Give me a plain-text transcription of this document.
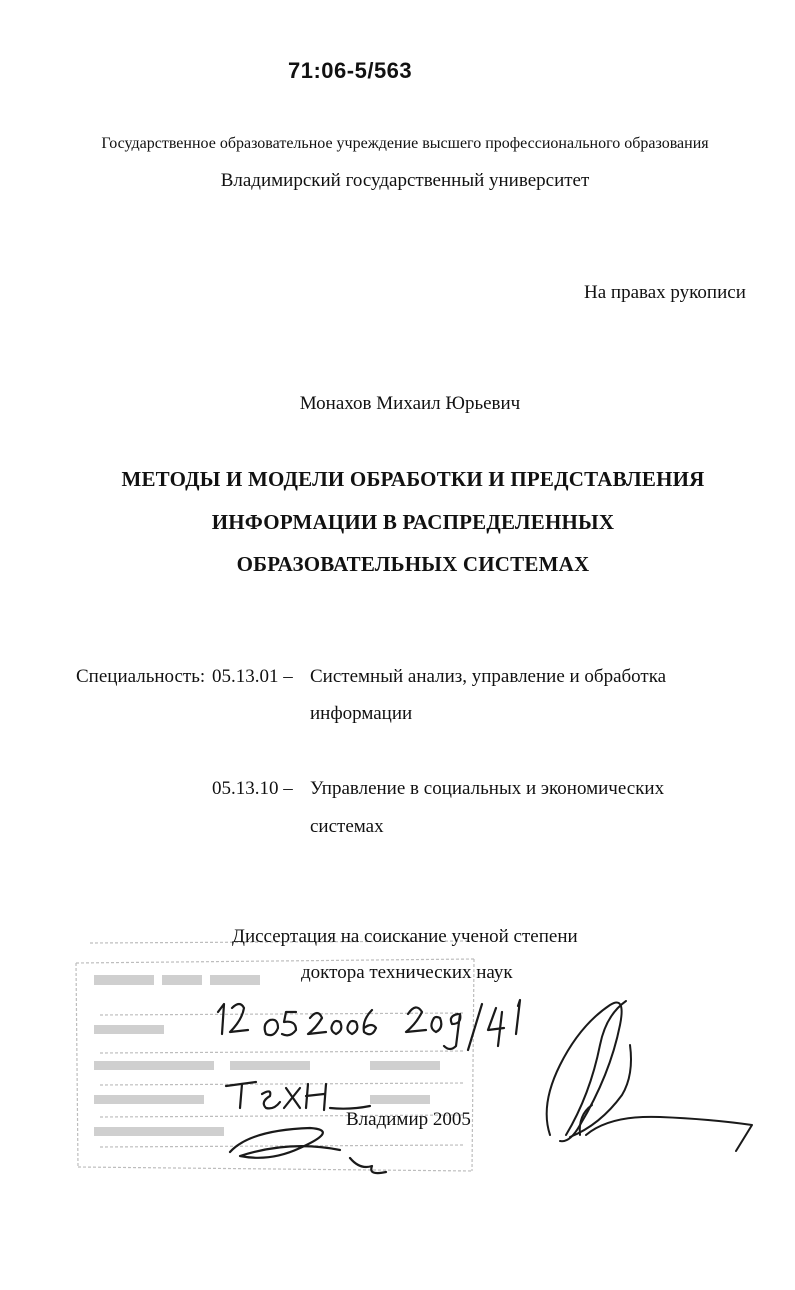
71:06-5/563
Государственное образовательное учреждение высшего профессионального образования
Владимирский государственный университет
На правах рукописи
Монахов Михаил Юрьевич
МЕТОДЫ И МОДЕЛИ ОБРАБОТКИ И ПРЕДСТАВЛЕНИЯ
ИНФОРМАЦИИ В РАСПРЕДЕЛЕННЫХ
ОБРАЗОВАТЕЛЬНЫХ СИСТЕМАХ
Специальность: 05.13.01 – Системный анализ, управление и обработка
информации
05.13.10 – Управление в социальных и экономических
системах
Диссертация на соискание ученой степени
доктора технических наук
Владимир 2005
